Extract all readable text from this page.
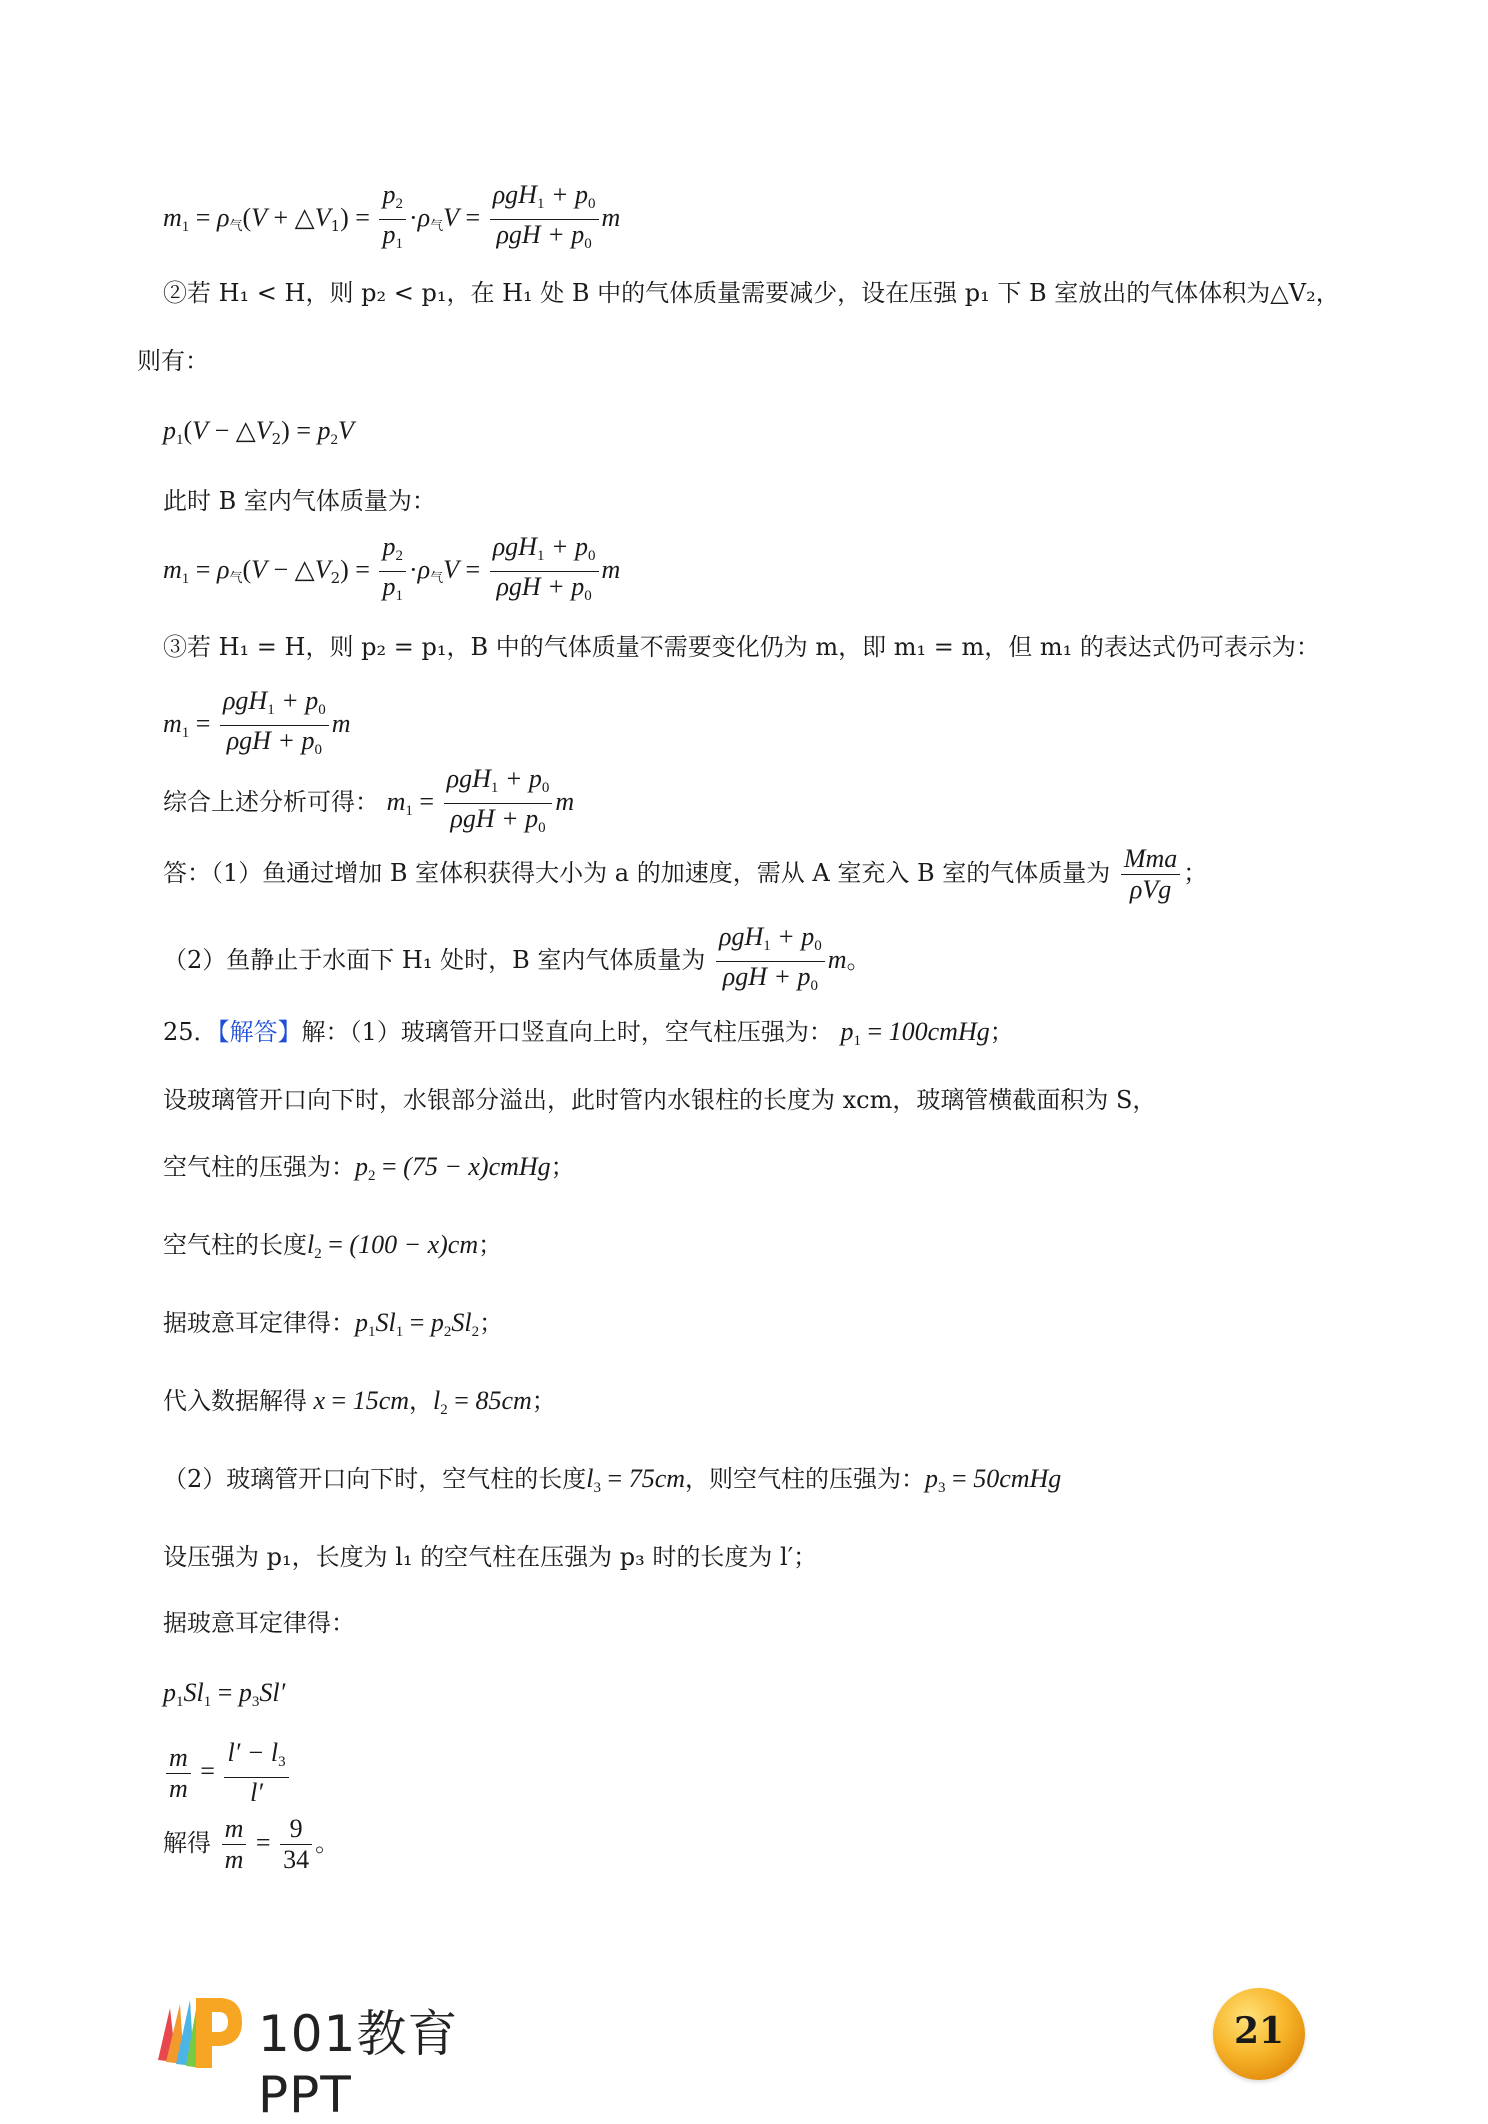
$m_1 = \rho$气$(V + \triangle V_1) = \frac{p_2}{p_1} \cdot\rho$气$V = \frac{\rho gH_1 + p_0}{\rho gH + p_0}$ m
②若 H₁ < H，则 p₂ < p₁，在 H₁ 处 B 中的气体质量需要减少，设在压强 p₁ 下 B 室放出的气体体积为△V₂，
则有：
$p_1(V$ − $\triangle V_2) = p_2V$
此时 B 室内气体质量为：
$m_1 = \rho$气$(V - \triangle V_2) = \frac{p_2}{p_1} \cdot\rho$气$V = \frac{\rho gH_1 + p_0}{\rho gH + p_0}$ m
③若 H₁ = H，则 p₂ = p₁，B 中的气体质量不需要变化仍为 m，即 m₁ = m，但 m₁ 的表达式仍可表示为：
$m_1 = \frac{\rho gH_1 + p_0}{\rho gH + p_0}$ m
综合上述分析可得： $m_1 = \frac{\rho gH_1 + p_0}{\rho gH + p_0}$ m
答：（1）鱼通过增加 B 室体积获得大小为 a 的加速度，需从 A 室充入 B 室的气体质量为 $\frac{\text{Mma}}{\text{ρVg}}$ ；
（2）鱼静止于水面下 H₁ 处时，B 室内气体质量为 $\frac{\rho gH_1 + p_0}{\rho gH + p_0}$ m。
25．【解答】解：（1）玻璃管开口竖直向上时，空气柱压强为： $p_1$ = 100cmHg；
设玻璃管开口向下时，水银部分溢出，此时管内水银柱的长度为 xcm，玻璃管横截面积为 S，
空气柱的压强为：$p_2 = (75$ − x)cmHg；
空气柱的长度$l_2 = (100 - x)cm$；
据玻意耳定律得：$p_1Sl_1 = p_2Sl_2$；
代入数据解得 x = 15cm，$l_2 = 85cm$；
（2）玻璃管开口向下时，空气柱的长度$l_3 = 75cm$，则空气柱的压强为：$p_3$ = 50cmHg
设压强为 p₁，长度为 l₁ 的空气柱在压强为 p₃ 时的长度为 l′；
据玻意耳定律得：
$p_1Sl_1 = p_3Sl'$
$\frac{m}{m} = \frac{l' - l_3}{l'}$
解得 $\frac{m}{m} = \frac{9}{34}$ 。
101教育PPT
21
